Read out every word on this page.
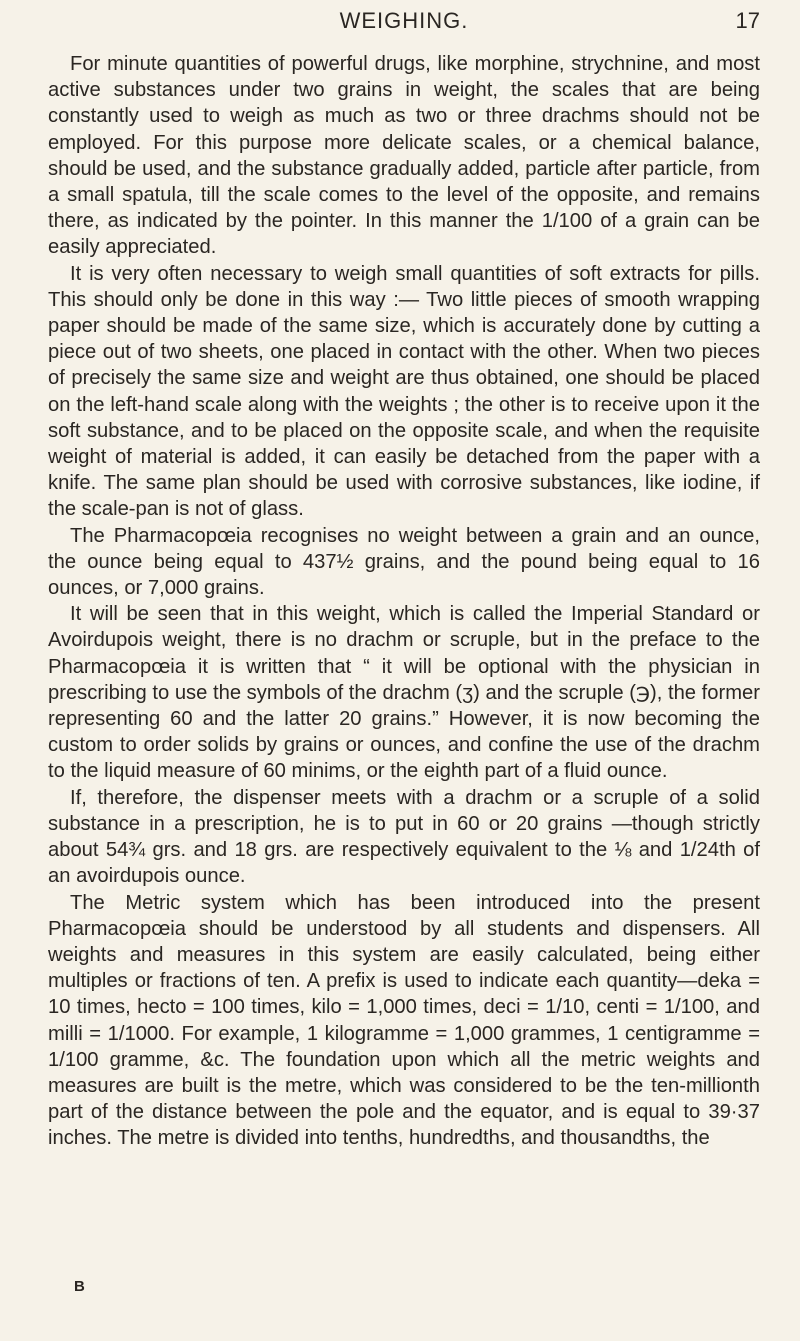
WEIGHING.	17

For minute quantities of powerful drugs, like morphine, strychnine, and most active substances under two grains in weight, the scales that are being constantly used to weigh as much as two or three drachms should not be employed. For this purpose more delicate scales, or a chemical balance, should be used, and the substance gradually added, particle after particle, from a small spatula, till the scale comes to the level of the opposite, and remains there, as indicated by the pointer. In this manner the 1/100 of a grain can be easily appreciated.

It is very often necessary to weigh small quantities of soft extracts for pills. This should only be done in this way :— Two little pieces of smooth wrapping paper should be made of the same size, which is accurately done by cutting a piece out of two sheets, one placed in contact with the other. When two pieces of precisely the same size and weight are thus obtained, one should be placed on the left-hand scale along with the weights ; the other is to receive upon it the soft substance, and to be placed on the opposite scale, and when the requisite weight of material is added, it can easily be detached from the paper with a knife. The same plan should be used with corrosive substances, like iodine, if the scale-pan is not of glass.

The Pharmacopœia recognises no weight between a grain and an ounce, the ounce being equal to 437½ grains, and the pound being equal to 16 ounces, or 7,000 grains.

It will be seen that in this weight, which is called the Imperial Standard or Avoirdupois weight, there is no drachm or scruple, but in the preface to the Pharmacopœia it is written that “ it will be optional with the physician in prescribing to use the symbols of the drachm (ʒ) and the scruple (℈), the former representing 60 and the latter 20 grains.” However, it is now becoming the custom to order solids by grains or ounces, and confine the use of the drachm to the liquid measure of 60 minims, or the eighth part of a fluid ounce.

If, therefore, the dispenser meets with a drachm or a scruple of a solid substance in a prescription, he is to put in 60 or 20 grains —though strictly about 54¾ grs. and 18 grs. are respectively equivalent to the ⅛ and 1/24th of an avoirdupois ounce.

The Metric system which has been introduced into the present Pharmacopœia should be understood by all students and dispensers. All weights and measures in this system are easily calculated, being either multiples or fractions of ten. A prefix is used to indicate each quantity—deka = 10 times, hecto = 100 times, kilo = 1,000 times, deci = 1/10, centi = 1/100, and milli = 1/1000. For example, 1 kilogramme = 1,000 grammes, 1 centigramme = 1/100 gramme, &c. The foundation upon which all the metric weights and measures are built is the metre, which was considered to be the ten-millionth part of the distance between the pole and the equator, and is equal to 39·37 inches. The metre is divided into tenths, hundredths, and thousandths, the

B
